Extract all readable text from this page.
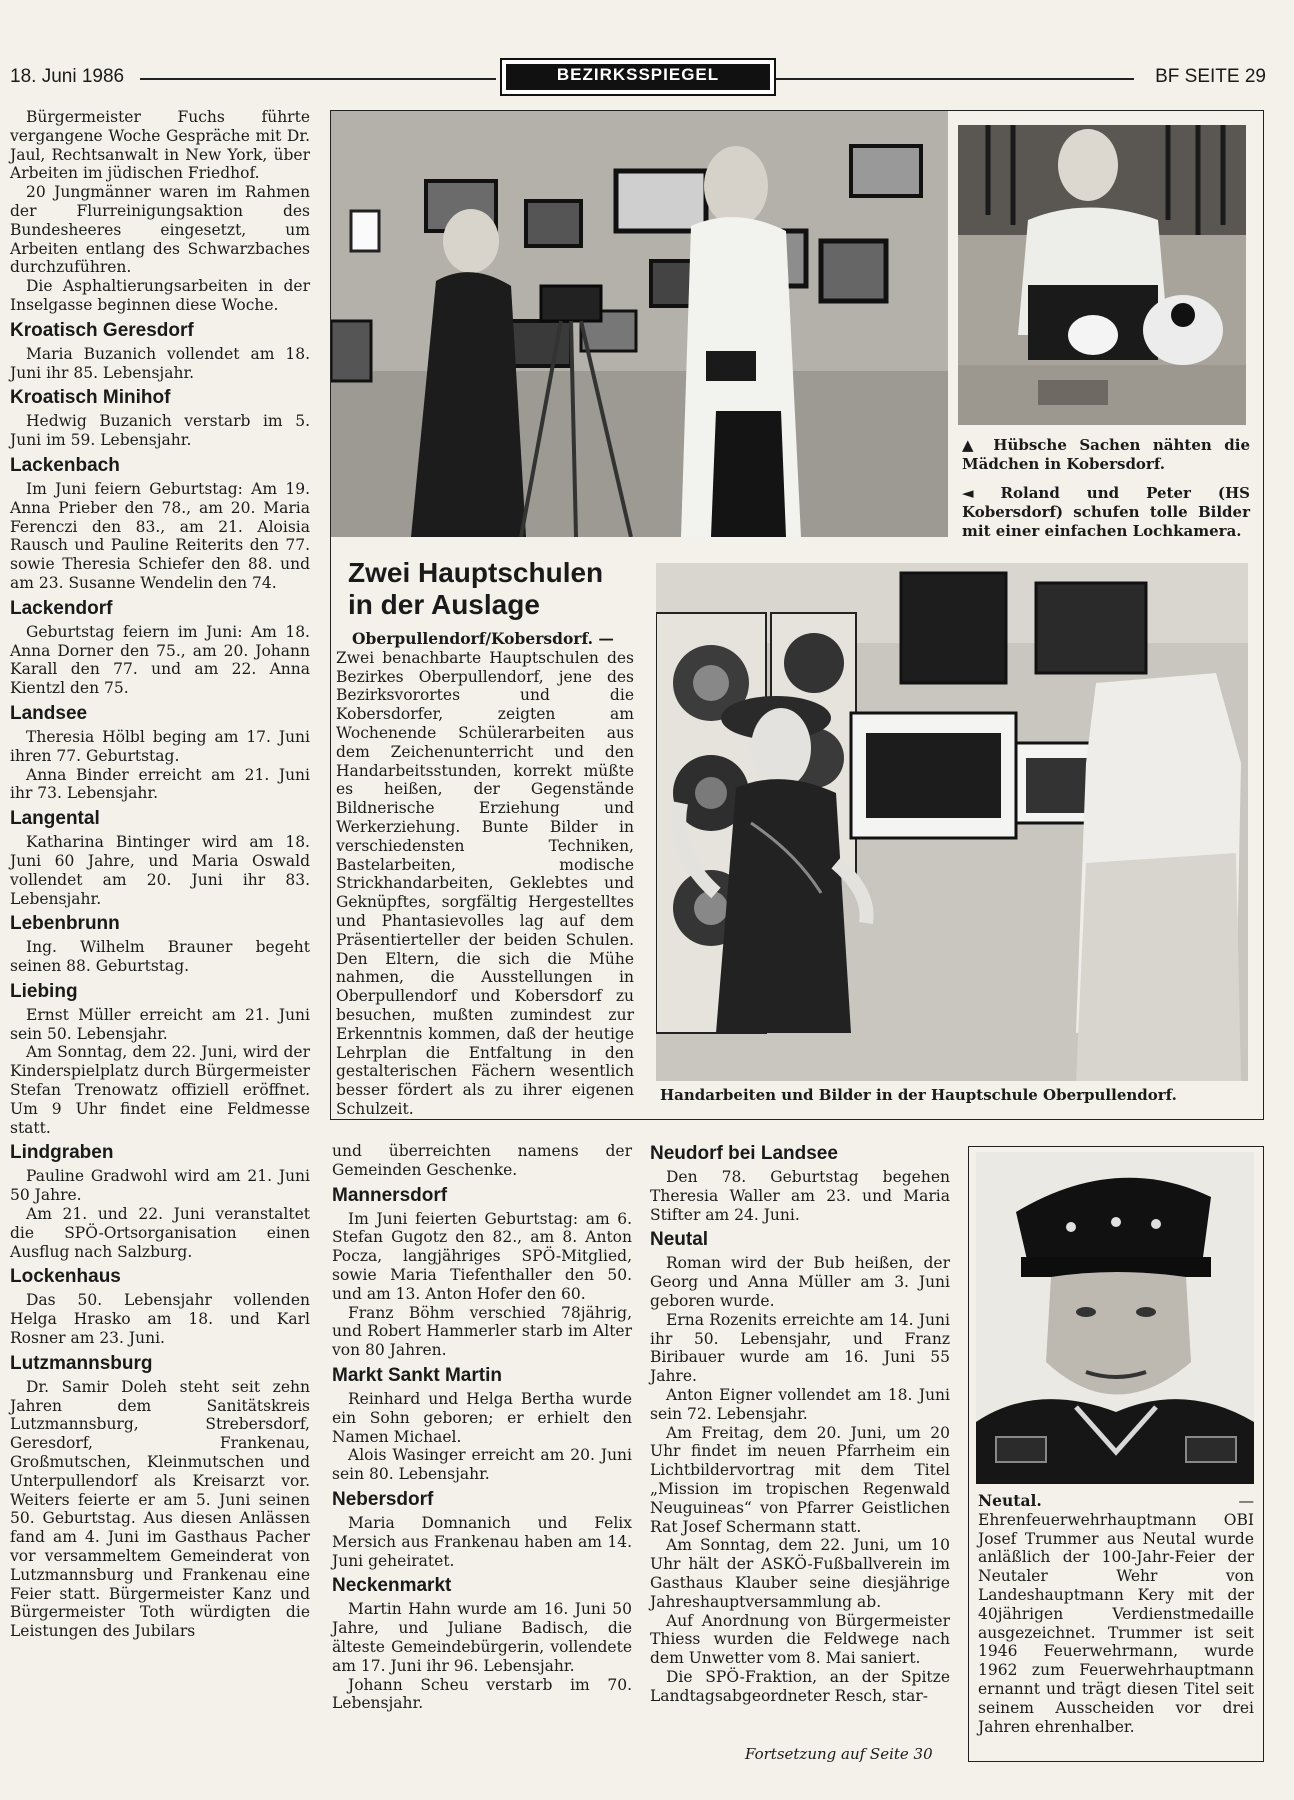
18. Juni 1986	BEZIRKSSPIEGEL	BF SEITE 29

Bürgermeister Fuchs führte vergangene Woche Gespräche mit Dr. Jaul, Rechtsanwalt in New York, über Arbeiten im jüdischen Friedhof.

20 Jungmänner waren im Rahmen der Flurreinigungsaktion des Bundesheeres eingesetzt, um Arbeiten entlang des Schwarzbaches durchzuführen.

Die Asphaltierungsarbeiten in der Inselgasse beginnen diese Woche.

Kroatisch Geresdorf

Maria Buzanich vollendet am 18. Juni ihr 85. Lebensjahr.

Kroatisch Minihof

Hedwig Buzanich verstarb im 5. Juni im 59. Lebensjahr.

Lackenbach

Im Juni feiern Geburtstag: Am 19. Anna Prieber den 78., am 20. Maria Ferenczi den 83., am 21. Aloisia Rausch und Pauline Reiterits den 77. sowie Theresia Schiefer den 88. und am 23. Susanne Wendelin den 74.

Lackendorf

Geburtstag feiern im Juni: Am 18. Anna Dorner den 75., am 20. Johann Karall den 77. und am 22. Anna Kientzl den 75.

Landsee

Theresia Hölbl beging am 17. Juni ihren 77. Geburtstag.

Anna Binder erreicht am 21. Juni ihr 73. Lebensjahr.

Langental

Katharina Bintinger wird am 18. Juni 60 Jahre, und Maria Oswald vollendet am 20. Juni ihr 83. Lebensjahr.

Lebenbrunn

Ing. Wilhelm Brauner begeht seinen 88. Geburtstag.

Liebing

Ernst Müller erreicht am 21. Juni sein 50. Lebensjahr.

Am Sonntag, dem 22. Juni, wird der Kinderspielplatz durch Bürgermeister Stefan Trenowatz offiziell eröffnet. Um 9 Uhr findet eine Feldmesse statt.

Lindgraben

Pauline Gradwohl wird am 21. Juni 50 Jahre.

Am 21. und 22. Juni veranstaltet die SPÖ-Ortsorganisation einen Ausflug nach Salzburg.

Lockenhaus

Das 50. Lebensjahr vollenden Helga Hrasko am 18. und Karl Rosner am 23. Juni.

Lutzmannsburg

Dr. Samir Doleh steht seit zehn Jahren dem Sanitätskreis Lutzmannsburg, Strebersdorf, Geresdorf, Frankenau, Großmutschen, Kleinmutschen und Unterpullendorf als Kreisarzt vor. Weiters feierte er am 5. Juni seinen 50. Geburtstag. Aus diesen Anlässen fand am 4. Juni im Gasthaus Pacher vor versammeltem Gemeinderat von Lutzmannsburg und Frankenau eine Feier statt. Bürgermeister Kanz und Bürgermeister Toth würdigten die Leistungen des Jubilars

▲ Hübsche Sachen nähten die Mädchen in Kobersdorf.
◄ Roland und Peter (HS Kobersdorf) schufen tolle Bilder mit einer einfachen Lochkamera.
Zwei Hauptschulen
in der Auslage

Oberpullendorf/Kobersdorf. —

Zwei benachbarte Hauptschulen des Bezirkes Oberpullendorf, jene des Bezirksvorortes und die Kobersdorfer, zeigten am Wochenende Schülerarbeiten aus dem Zeichenunterricht und den Handarbeitsstunden, korrekt müßte es heißen, der Gegenstände Bildnerische Erziehung und Werkerziehung. Bunte Bilder in verschiedensten Techniken, Bastelarbeiten, modische Strickhandarbeiten, Geklebtes und Geknüpftes, sorgfältig Hergestelltes und Phantasievolles lag auf dem Präsentierteller der beiden Schulen. Den Eltern, die sich die Mühe nahmen, die Ausstellungen in Oberpullendorf und Kobersdorf zu besuchen, mußten zumindest zur Erkenntnis kommen, daß der heutige Lehrplan die Entfaltung in den gestalterischen Fächern wesentlich besser fördert als zu ihrer eigenen Schulzeit.

Handarbeiten und Bilder in der Hauptschule Oberpullendorf.

und überreichten namens der Gemeinden Geschenke.

Mannersdorf

Im Juni feierten Geburtstag: am 6. Stefan Gugotz den 82., am 8. Anton Pocza, langjähriges SPÖ-Mitglied, sowie Maria Tiefenthaller den 50. und am 13. Anton Hofer den 60.

Franz Böhm verschied 78jährig, und Robert Hammerler starb im Alter von 80 Jahren.

Markt Sankt Martin

Reinhard und Helga Bertha wurde ein Sohn geboren; er erhielt den Namen Michael.

Alois Wasinger erreicht am 20. Juni sein 80. Lebensjahr.

Nebersdorf

Maria Domnanich und Felix Mersich aus Frankenau haben am 14. Juni geheiratet.

Neckenmarkt

Martin Hahn wurde am 16. Juni 50 Jahre, und Juliane Badisch, die älteste Gemeindebürgerin, vollendete am 17. Juni ihr 96. Lebensjahr.

Johann Scheu verstarb im 70. Lebensjahr.

Neudorf bei Landsee

Den 78. Geburtstag begehen Theresia Waller am 23. und Maria Stifter am 24. Juni.

Neutal

Roman wird der Bub heißen, der Georg und Anna Müller am 3. Juni geboren wurde.

Erna Rozenits erreichte am 14. Juni ihr 50. Lebensjahr, und Franz Biribauer wurde am 16. Juni 55 Jahre.

Anton Eigner vollendet am 18. Juni sein 72. Lebensjahr.

Am Freitag, dem 20. Juni, um 20 Uhr findet im neuen Pfarrheim ein Lichtbildervortrag mit dem Titel „Mission im tropischen Regenwald Neuguineas“ von Pfarrer Geistlichen Rat Josef Schermann statt.

Am Sonntag, dem 22. Juni, um 10 Uhr hält der ASKÖ-Fußballverein im Gasthaus Klauber seine diesjährige Jahreshauptversammlung ab.

Auf Anordnung von Bürgermeister Thiess wurden die Feldwege nach dem Unwetter vom 8. Mai saniert.

Die SPÖ-Fraktion, an der Spitze Landtagsabgeordneter Resch, star-

Fortsetzung auf Seite 30

Neutal. — Ehrenfeuerwehrhauptmann OBI Josef Trummer aus Neutal wurde anläßlich der 100-Jahr-Feier der Neutaler Wehr von Landeshauptmann Kery mit der 40jährigen Verdienstmedaille ausgezeichnet. Trummer ist seit 1946 Feuerwehrmann, wurde 1962 zum Feuerwehrhauptmann ernannt und trägt diesen Titel seit seinem Ausscheiden vor drei Jahren ehrenhalber.
